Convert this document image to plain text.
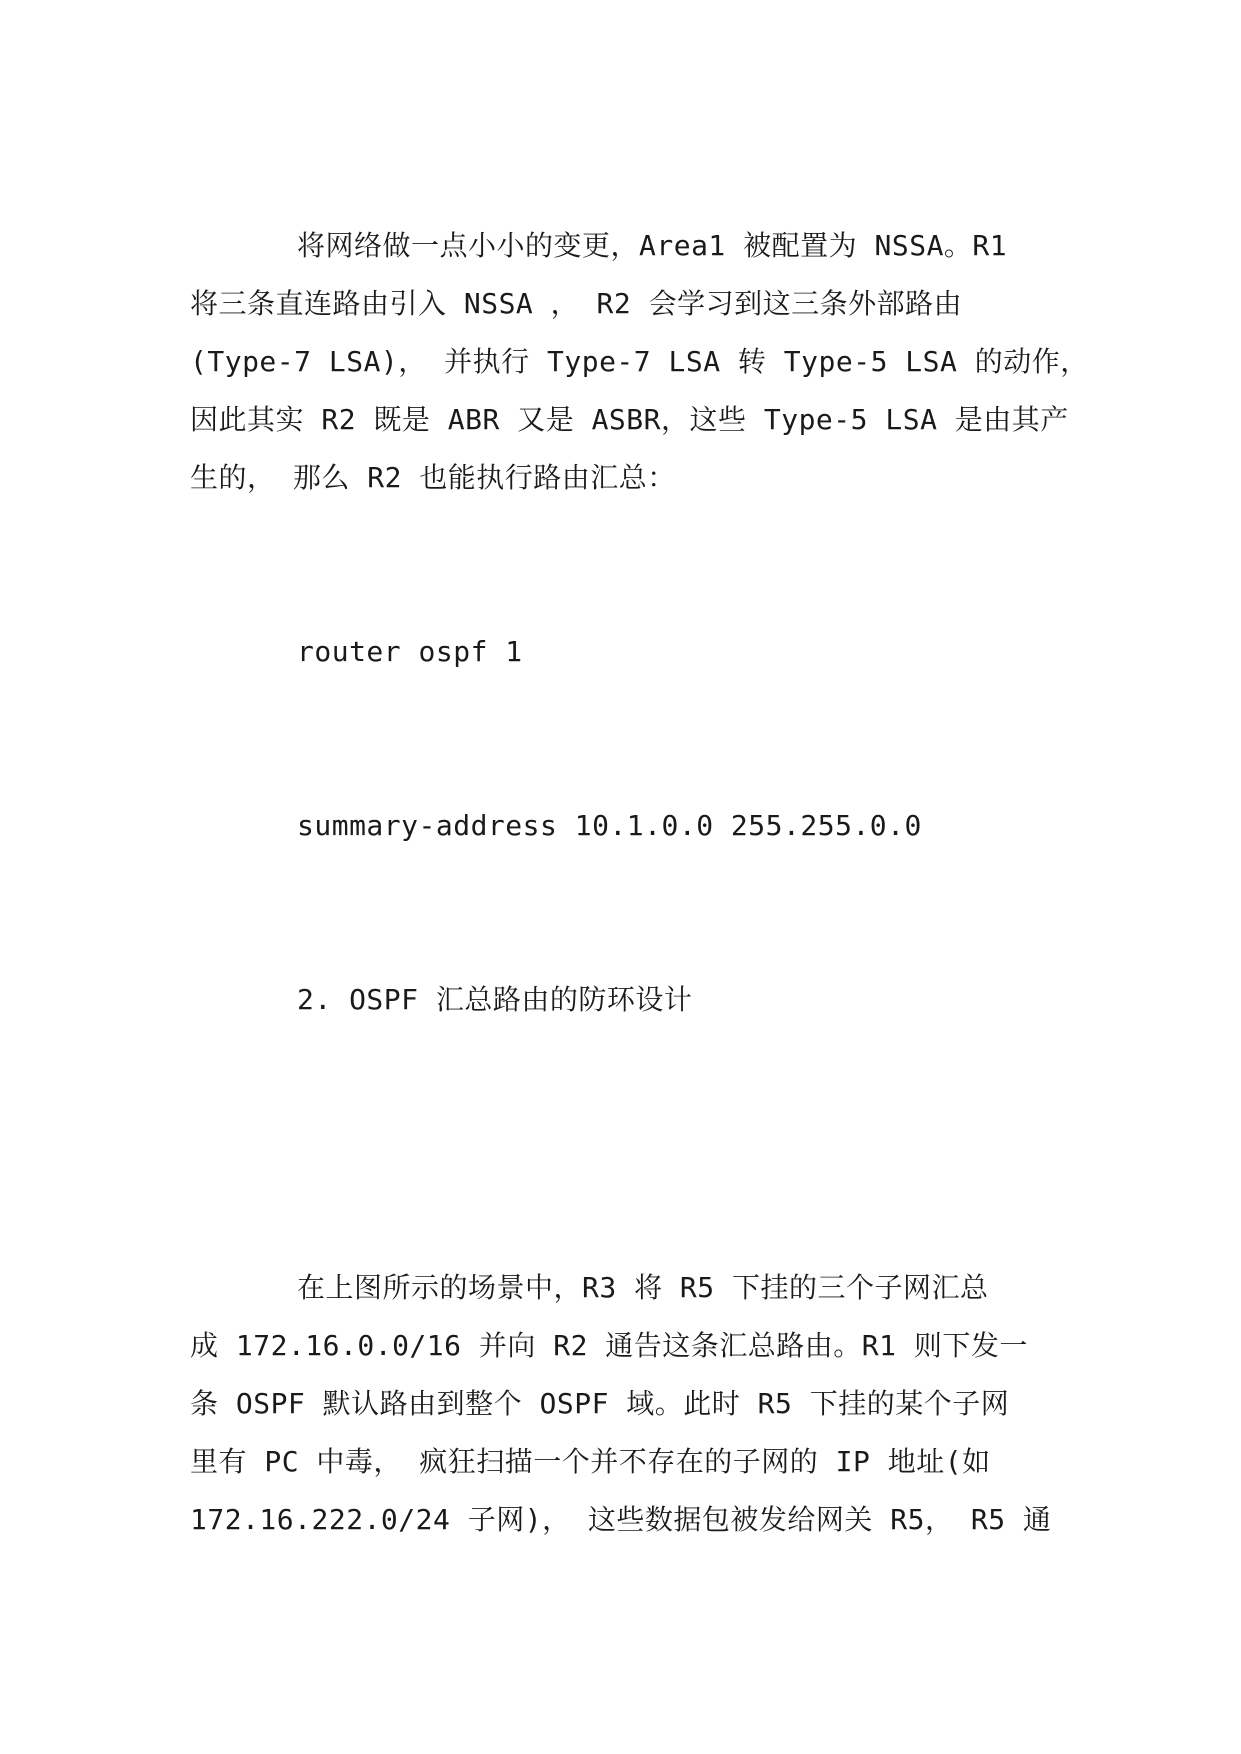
将网络做一点小小的变更，Area1 被配置为 NSSA。R1
将三条直连路由引入 NSSA ， R2 会学习到这三条外部路由
(Type-7 LSA)， 并执行 Type-7 LSA 转 Type-5 LSA 的动作，
因此其实 R2 既是 ABR 又是 ASBR，这些 Type-5 LSA 是由其产
生的， 那么 R2 也能执行路由汇总：
router ospf 1
summary-address 10.1.0.0 255.255.0.0
2. OSPF 汇总路由的防环设计
在上图所示的场景中，R3 将 R5 下挂的三个子网汇总
成 172.16.0.0/16 并向 R2 通告这条汇总路由。R1 则下发一
条 OSPF 默认路由到整个 OSPF 域。此时 R5 下挂的某个子网
里有 PC 中毒， 疯狂扫描一个并不存在的子网的 IP 地址(如
172.16.222.0/24 子网)， 这些数据包被发给网关 R5， R5 通
